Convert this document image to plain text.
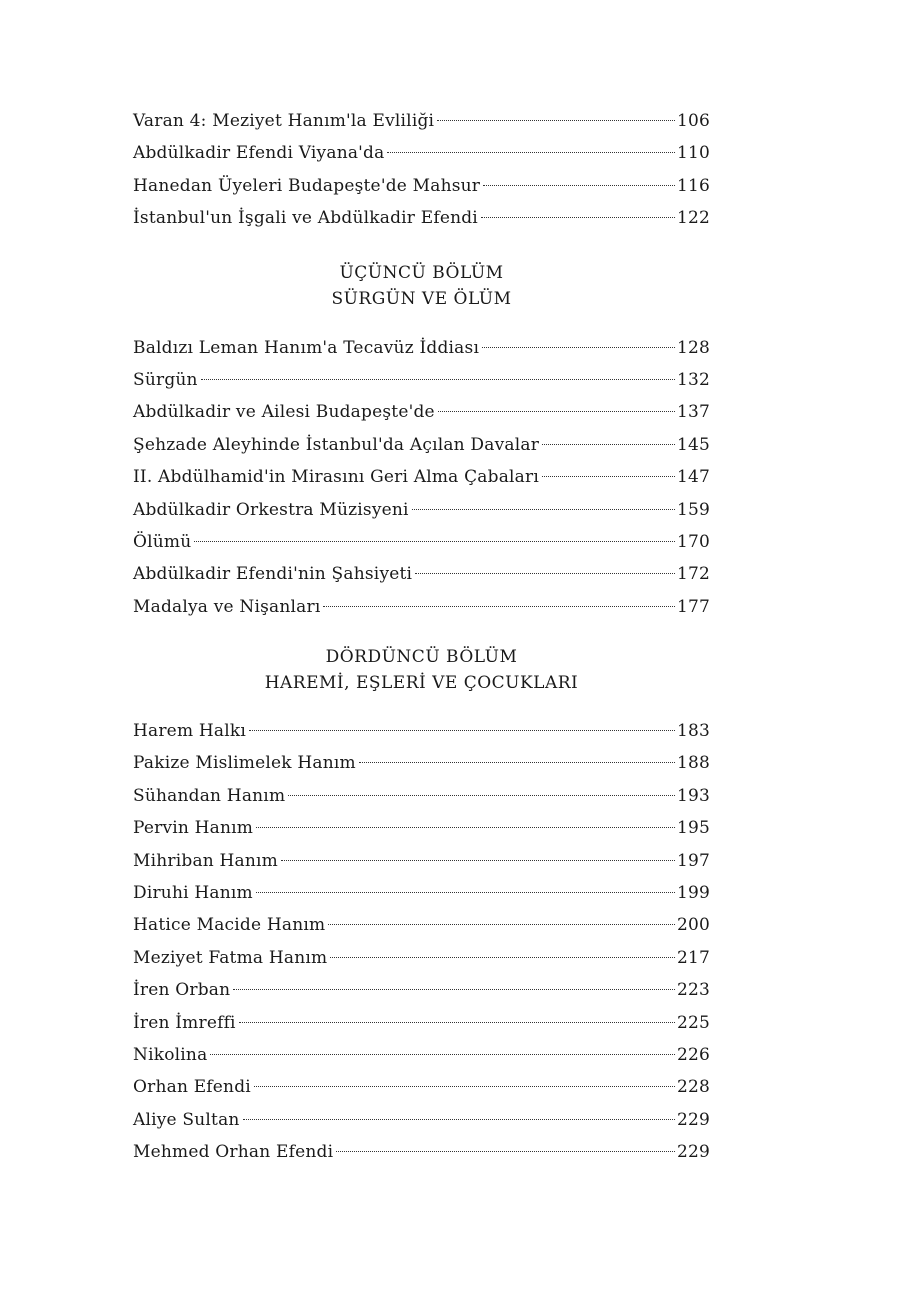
Varan 4: Meziyet Hanım'la Evliliği	106
Abdülkadir Efendi Viyana'da	110
Hanedan Üyeleri Budapeşte'de Mahsur	116
İstanbul'un İşgali ve Abdülkadir Efendi	122
ÜÇÜNCÜ BÖLÜM
SÜRGÜN VE ÖLÜM
Baldızı Leman Hanım'a Tecavüz İddiası	128
Sürgün	132
Abdülkadir ve Ailesi Budapeşte'de	137
Şehzade Aleyhinde İstanbul'da Açılan Davalar	145
II. Abdülhamid'in Mirasını Geri Alma Çabaları	147
Abdülkadir Orkestra Müzisyeni	159
Ölümü	170
Abdülkadir Efendi'nin Şahsiyeti	172
Madalya ve Nişanları	177
DÖRDÜNCÜ BÖLÜM
HAREMİ, EŞLERİ VE ÇOCUKLARI
Harem Halkı	183
Pakize Mislimelek Hanım	188
Sühandan Hanım	193
Pervin Hanım	195
Mihriban Hanım	197
Diruhi Hanım	199
Hatice Macide Hanım	200
Meziyet Fatma Hanım	217
İren Orban	223
İren İmreffi	225
Nikolina	226
Orhan Efendi	228
Aliye Sultan	229
Mehmed Orhan Efendi	229
